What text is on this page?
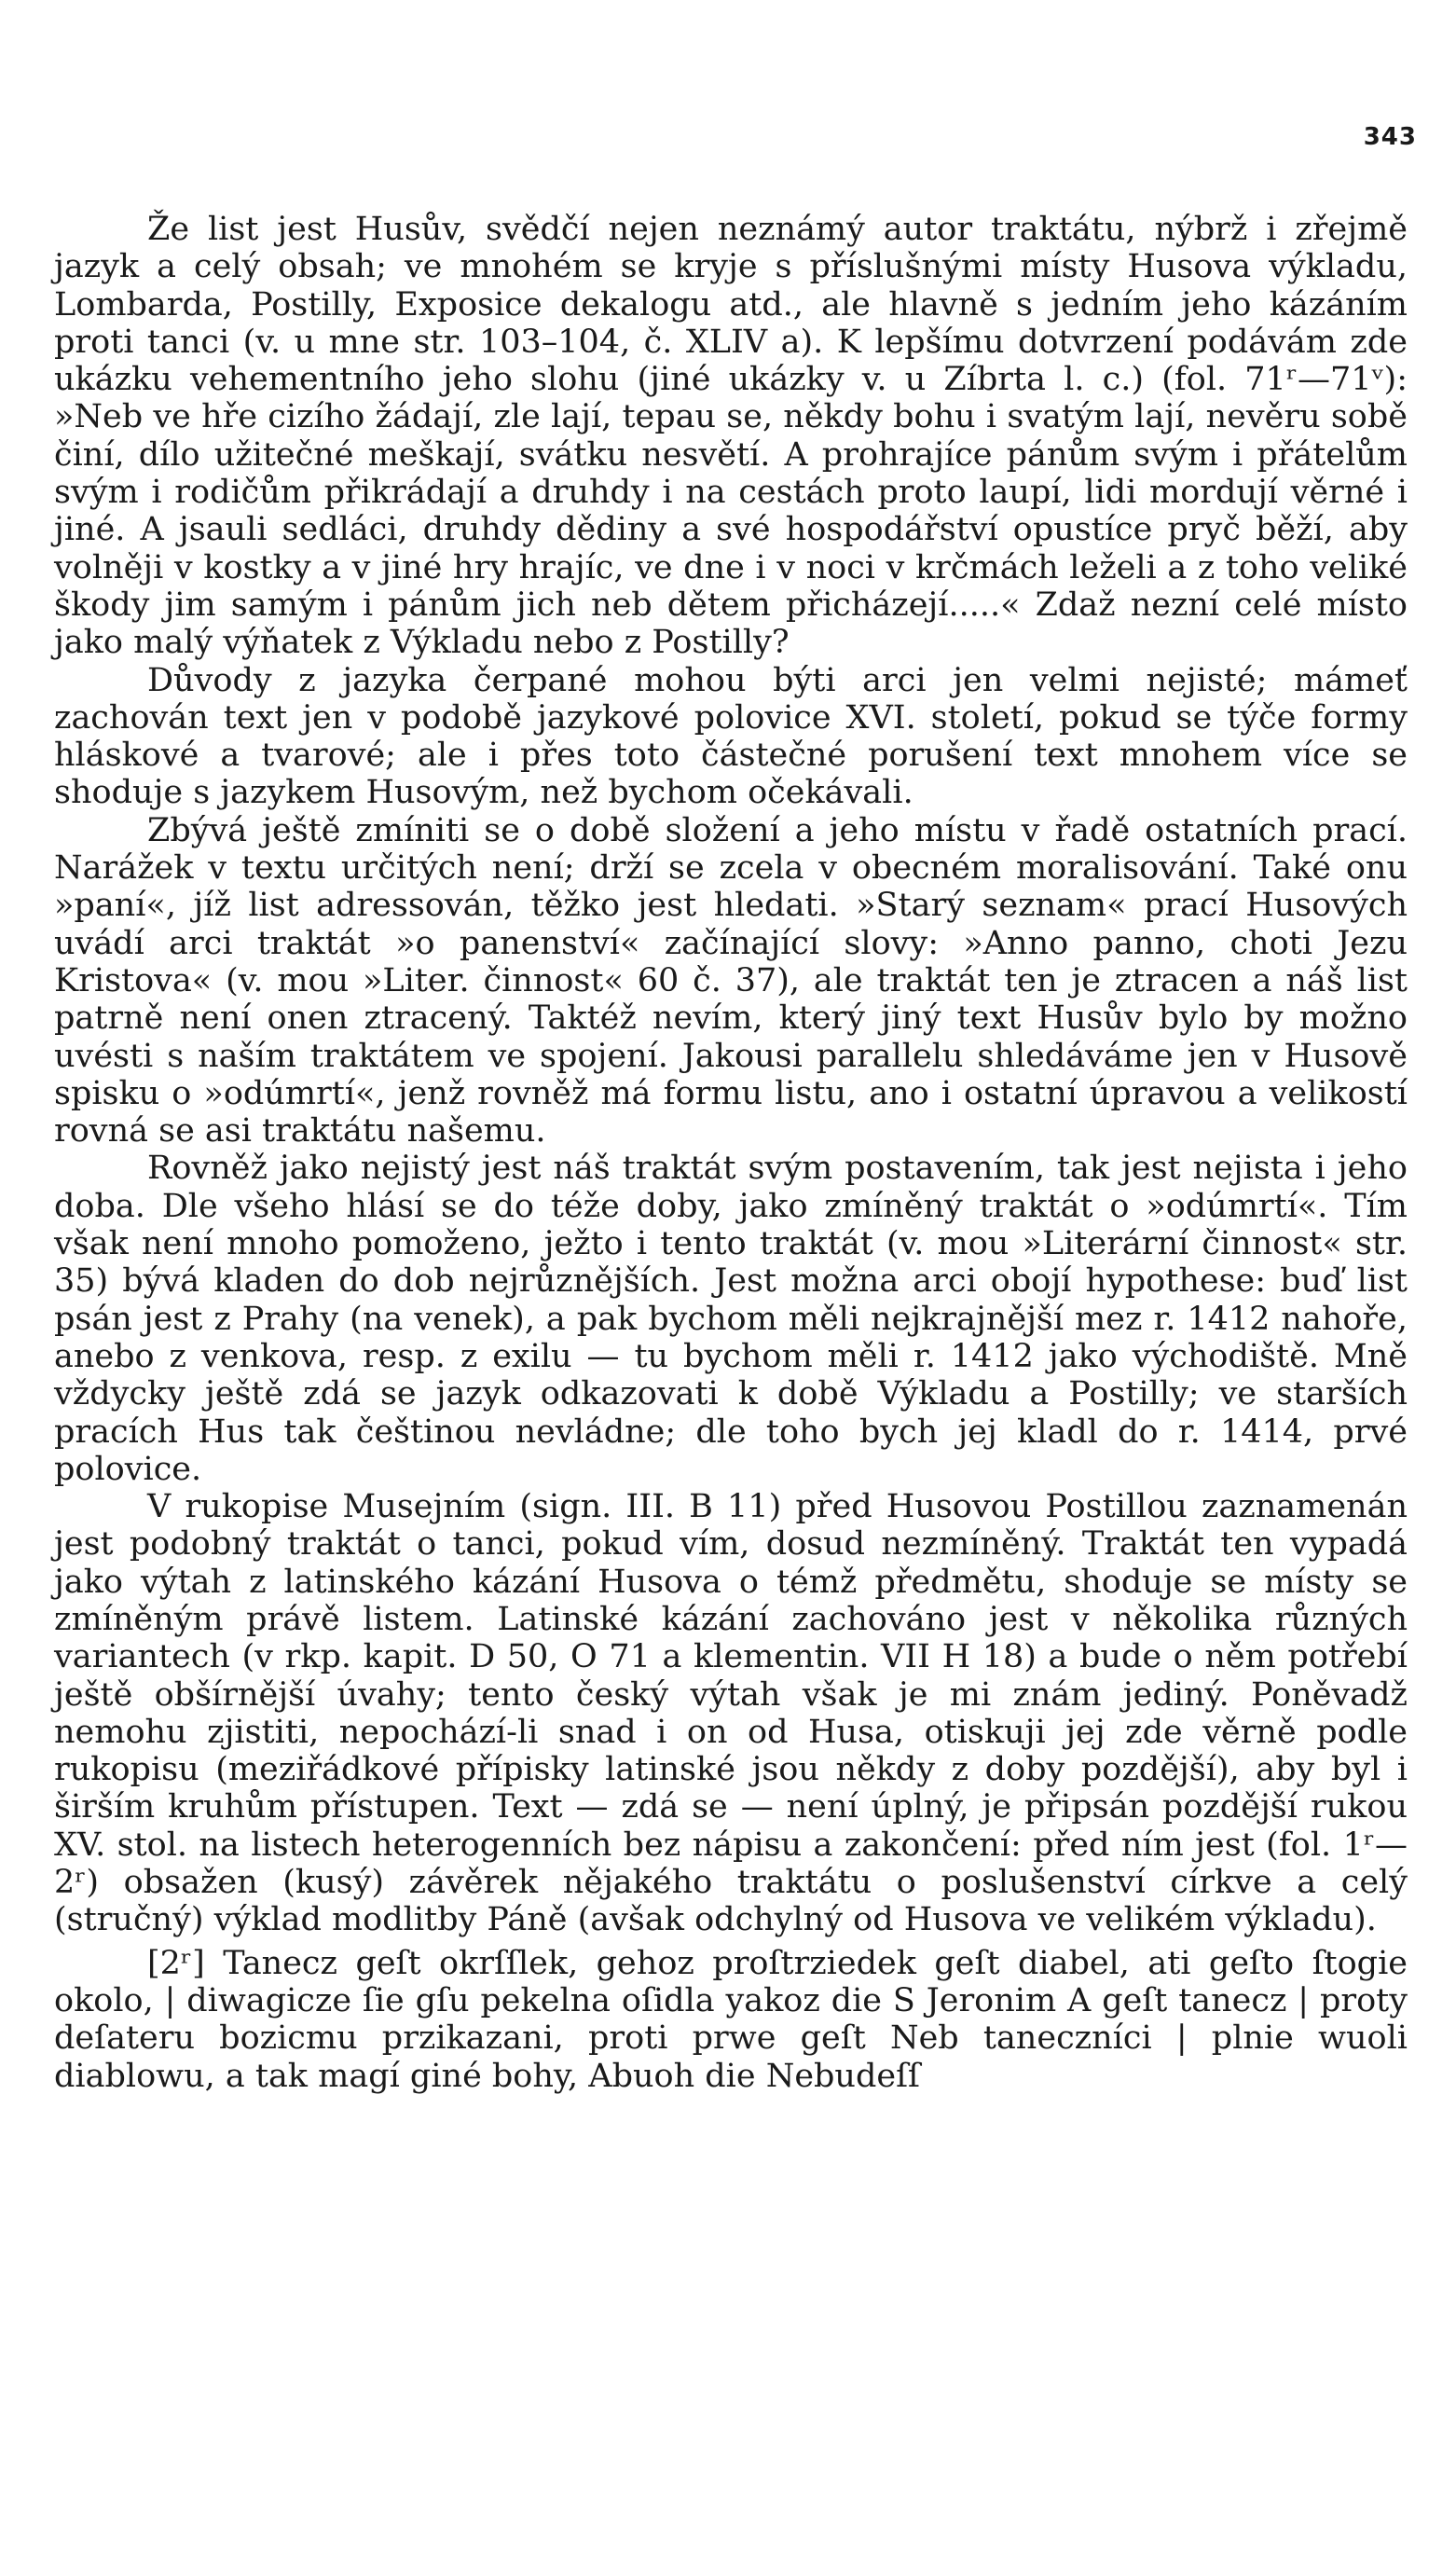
343

Že list jest Husův, svědčí nejen neznámý autor traktátu, nýbrž i zřejmě jazyk a celý obsah; ve mnohém se kryje s příslušnými místy Husova výkladu, Lombarda, Postilly, Exposice dekalogu atd., ale hlavně s jedním jeho kázáním proti tanci (v. u mne str. 103–104, č. XLIV a). K lepšímu dotvrzení podávám zde ukázku vehementního jeho slohu (jiné ukázky v. u Zíbrta l. c.) (fol. 71ʳ—71ᵛ): »Neb ve hře cizího žádají, zle lají, tepau se, někdy bohu i svatým lají, nevěru sobě činí, dílo užitečné meškají, svátku nesvětí. A prohrajíce pánům svým i přátelům svým i rodičům přikrádají a druhdy i na cestách proto laupí, lidi mordují věrné i jiné. A jsauli sedláci, druhdy dědiny a své hospodářství opustíce pryč běží, aby volněji v kostky a v jiné hry hrajíc, ve dne i v noci v krčmách leželi a z toho veliké škody jim samým i pánům jich neb dětem přicházejí.....« Zdaž nezní celé místo jako malý výňatek z Výkladu nebo z Postilly?

Důvody z jazyka čerpané mohou býti arci jen velmi nejisté; mámeť zachován text jen v podobě jazykové polovice XVI. století, pokud se týče formy hláskové a tvarové; ale i přes toto částečné porušení text mnohem více se shoduje s jazykem Husovým, než bychom očekávali.

Zbývá ještě zmíniti se o době složení a jeho místu v řadě ostatních prací. Narážek v textu určitých není; drží se zcela v obecném moralisování. Také onu »paní«, jíž list adressován, těžko jest hledati. »Starý seznam« prací Husových uvádí arci traktát »o panenství« začínající slovy: »Anno panno, choti Jezu Kristova« (v. mou »Liter. činnost« 60 č. 37), ale traktát ten je ztracen a náš list patrně není onen ztracený. Taktéž nevím, který jiný text Husův bylo by možno uvésti s naším traktátem ve spojení. Jakousi parallelu shledáváme jen v Husově spisku o »odúmrtí«, jenž rovněž má formu listu, ano i ostatní úpravou a velikostí rovná se asi traktátu našemu.

Rovněž jako nejistý jest náš traktát svým postavením, tak jest nejista i jeho doba. Dle všeho hlásí se do téže doby, jako zmíněný traktát o »odúmrtí«. Tím však není mnoho pomoženo, ježto i tento traktát (v. mou »Literární činnost« str. 35) bývá kladen do dob nejrůznějších. Jest možna arci obojí hypothese: buď list psán jest z Prahy (na venek), a pak bychom měli nejkrajnější mez r. 1412 nahoře, anebo z venkova, resp. z exilu — tu bychom měli r. 1412 jako východiště. Mně vždycky ještě zdá se jazyk odkazovati k době Výkladu a Postilly; ve starších pracích Hus tak češtinou nevládne; dle toho bych jej kladl do r. 1414, prvé polovice.

V rukopise Musejním (sign. III. B 11) před Husovou Postillou zaznamenán jest podobný traktát o tanci, pokud vím, dosud nezmíněný. Traktát ten vypadá jako výtah z latinského kázání Husova o témž předmětu, shoduje se místy se zmíněným právě listem. Latinské kázání zachováno jest v několika různých variantech (v rkp. kapit. D 50, O 71 a klementin. VII H 18) a bude o něm potřebí ještě obšírnější úvahy; tento český výtah však je mi znám jediný. Poněvadž nemohu zjistiti, nepochází-li snad i on od Husa, otiskuji jej zde věrně podle rukopisu (meziřádkové přípisky latinské jsou někdy z doby pozdější), aby byl i širším kruhům přístupen. Text — zdá se — není úplný, je připsán pozdější rukou XV. stol. na listech heterogenních bez nápisu a zakončení: před ním jest (fol. 1ʳ—2ʳ) obsažen (kusý) závěrek nějakého traktátu o poslušenství církve a celý (stručný) výklad modlitby Páně (avšak odchylný od Husova ve velikém výkladu).

[2ʳ] Tanecz geſt okrſſlek, gehoz proſtrziedek geſt diabel, ati geſto ſtogie okolo, | diwagicze ſie gſu pekelna oſidla yakoz die S Jeronim A geſt tanecz | proty deſateru bozicmu przikazani, proti prwe geſt Neb taneczníci | plnie wuoli diablowu, a tak magí giné bohy, Abuoh die Nebudeſſ
